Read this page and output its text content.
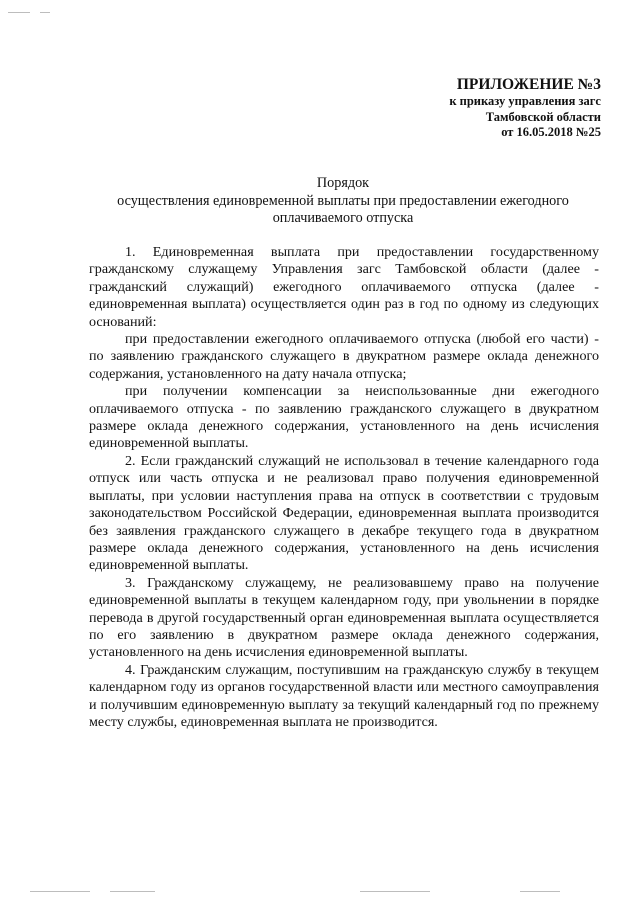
ПРИЛОЖЕНИЕ №3
к приказу управления загс
Тамбовской области
от 16.05.2018 №25
Порядок
осуществления единовременной выплаты при предоставлении ежегодного
оплачиваемого отпуска

1. Единовременная выплата при предоставлении государственному гражданскому служащему Управления загс Тамбовской области (далее - гражданский служащий) ежегодного оплачиваемого отпуска (далее - единовременная выплата) осуществляется один раз в год по одному из следующих оснований:

при предоставлении ежегодного оплачиваемого отпуска (любой его части) - по заявлению гражданского служащего в двукратном размере оклада денежного содержания, установленного на дату начала отпуска;

при получении компенсации за неиспользованные дни ежегодного оплачиваемого отпуска - по заявлению гражданского служащего в двукратном размере оклада денежного содержания, установленного на день исчисления единовременной выплаты.

2. Если гражданский служащий не использовал в течение календарного года отпуск или часть отпуска и не реализовал право получения единовременной выплаты, при условии наступления права на отпуск в соответствии с трудовым законодательством Российской Федерации, единовременная выплата производится без заявления гражданского служащего в декабре текущего года в двукратном размере оклада денежного содержания, установленного на день исчисления единовременной выплаты.

3. Гражданскому служащему, не реализовавшему право на получение единовременной выплаты в текущем календарном году, при увольнении в порядке перевода в другой государственный орган единовременная выплата осуществляется по его заявлению в двукратном размере оклада денежного содержания, установленного на день исчисления единовременной выплаты.

4. Гражданским служащим, поступившим на гражданскую службу в текущем календарном году из органов государственной власти или местного самоуправления и получившим единовременную выплату за текущий календарный год по прежнему месту службы, единовременная выплата не производится.
